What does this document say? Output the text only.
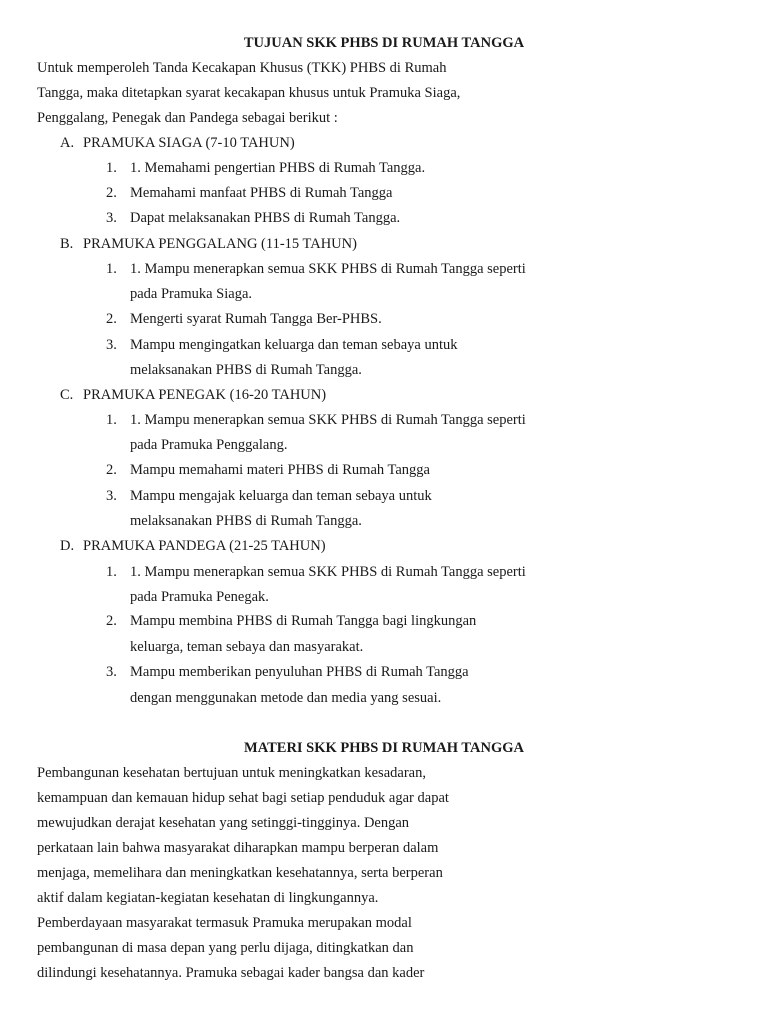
TUJUAN SKK PHBS DI RUMAH TANGGA
Untuk memperoleh Tanda Kecakapan Khusus (TKK) PHBS di Rumah
Tangga, maka ditetapkan syarat kecakapan khusus untuk Pramuka Siaga,
Penggalang, Penegak dan Pandega sebagai berikut :
A. PRAMUKA SIAGA (7-10 TAHUN)
1. 1. Memahami pengertian PHBS di Rumah Tangga.
2. Memahami manfaat PHBS di Rumah Tangga
3. Dapat melaksanakan PHBS di Rumah Tangga.
B. PRAMUKA PENGGALANG (11-15 TAHUN)
1. 1. Mampu menerapkan semua SKK PHBS di Rumah Tangga seperti
pada Pramuka Siaga.
2. Mengerti syarat Rumah Tangga Ber-PHBS.
3. Mampu mengingatkan keluarga dan teman sebaya untuk
melaksanakan PHBS di Rumah Tangga.
C. PRAMUKA PENEGAK (16-20 TAHUN)
1. 1. Mampu menerapkan semua SKK PHBS di Rumah Tangga seperti
pada Pramuka Penggalang.
2. Mampu memahami materi PHBS di Rumah Tangga
3. Mampu mengajak keluarga dan teman sebaya untuk
melaksanakan PHBS di Rumah Tangga.
D. PRAMUKA PANDEGA (21-25 TAHUN)
1. 1. Mampu menerapkan semua SKK PHBS di Rumah Tangga seperti
pada Pramuka Penegak.
2. Mampu membina PHBS di Rumah Tangga bagi lingkungan
keluarga, teman sebaya dan masyarakat.
3. Mampu memberikan penyuluhan PHBS di Rumah Tangga
dengan menggunakan metode dan media yang sesuai.
MATERI SKK PHBS DI RUMAH TANGGA
Pembangunan kesehatan bertujuan untuk meningkatkan kesadaran,
kemampuan dan kemauan hidup sehat bagi setiap penduduk agar dapat
mewujudkan derajat kesehatan yang setinggi-tingginya. Dengan
perkataan lain bahwa masyarakat diharapkan mampu berperan dalam
menjaga, memelihara dan meningkatkan kesehatannya, serta berperan
aktif dalam kegiatan-kegiatan kesehatan di lingkungannya.
Pemberdayaan masyarakat termasuk Pramuka merupakan modal
pembangunan di masa depan yang perlu dijaga, ditingkatkan dan
dilindungi kesehatannya. Pramuka sebagai kader bangsa dan kader
